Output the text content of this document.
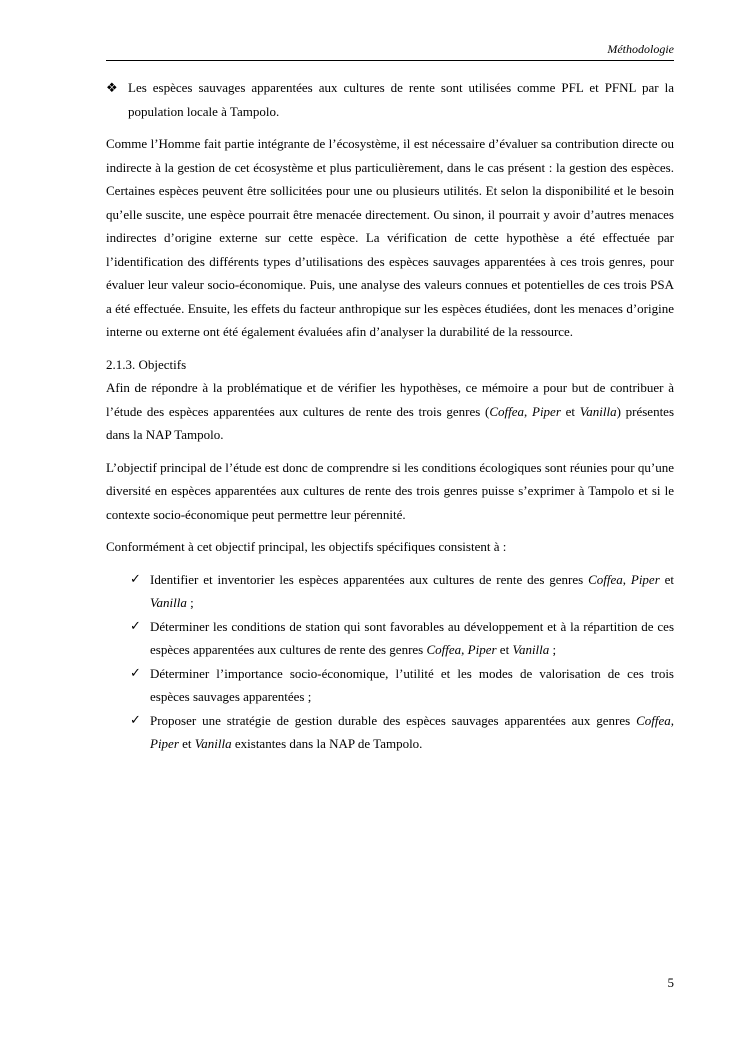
Méthodologie

❖ Les espèces sauvages apparentées aux cultures de rente sont utilisées comme PFL et PFNL par la population locale à Tampolo.

Comme l’Homme fait partie intégrante de l’écosystème, il est nécessaire d’évaluer sa contribution directe ou indirecte à la gestion de cet écosystème et plus particulièrement, dans le cas présent : la gestion des espèces. Certaines espèces peuvent être sollicitées pour une ou plusieurs utilités. Et selon la disponibilité et le besoin qu’elle suscite, une espèce pourrait être menacée directement. Ou sinon, il pourrait y avoir d’autres menaces indirectes d’origine externe sur cette espèce. La vérification de cette hypothèse a été effectuée par l’identification des différents types d’utilisations des espèces sauvages apparentées à ces trois genres, pour évaluer leur valeur socio-économique. Puis, une analyse des valeurs connues et potentielles de ces trois PSA a été effectuée. Ensuite, les effets du facteur anthropique sur les espèces étudiées, dont les menaces d’origine interne ou externe ont été également évaluées afin d’analyser la durabilité de la ressource.

2.1.3. Objectifs

Afin de répondre à la problématique et de vérifier les hypothèses, ce mémoire a pour but de contribuer à l’étude des espèces apparentées aux cultures de rente des trois genres (Coffea, Piper et Vanilla) présentes dans la NAP Tampolo.

L’objectif principal de l’étude est donc de comprendre si les conditions écologiques sont réunies pour qu’une diversité en espèces apparentées aux cultures de rente des trois genres puisse s’exprimer à Tampolo et si le contexte socio-économique peut permettre leur pérennité.

Conformément à cet objectif principal, les objectifs spécifiques consistent à :

✓ Identifier et inventorier les espèces apparentées aux cultures de rente des genres Coffea, Piper et Vanilla ;

✓ Déterminer les conditions de station qui sont favorables au développement et à la répartition de ces espèces apparentées aux cultures de rente des genres Coffea, Piper et Vanilla ;

✓ Déterminer l’importance socio-économique, l’utilité et les modes de valorisation de ces trois espèces sauvages apparentées ;

✓ Proposer une stratégie de gestion durable des espèces sauvages apparentées aux genres Coffea, Piper et Vanilla existantes dans la NAP de Tampolo.

5
